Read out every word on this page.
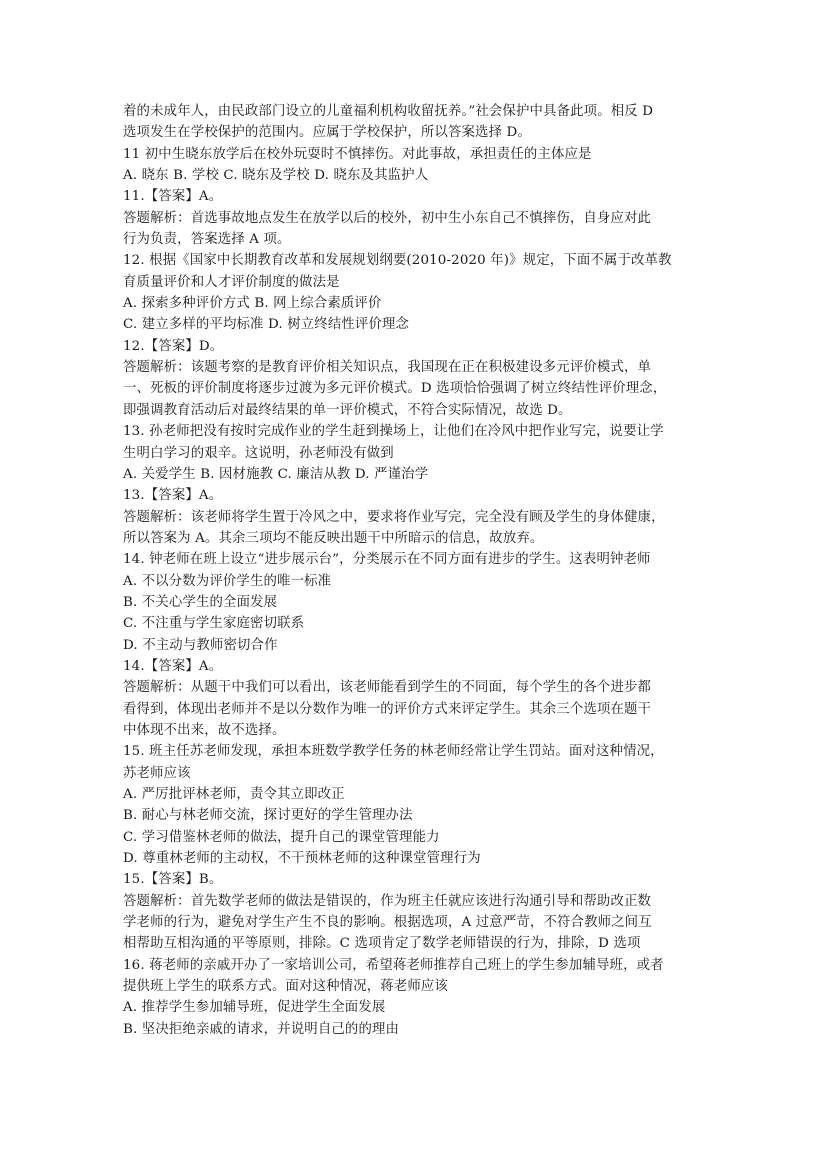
着的未成年人，由民政部门设立的儿童福利机构收留抚养。”社会保护中具备此项。相反 D
选项发生在学校保护的范围内。应属于学校保护，所以答案选择 D。
11 初中生晓东放学后在校外玩耍时不慎摔伤。对此事故，承担责任的主体应是
A. 晓东 B. 学校 C. 晓东及学校 D. 晓东及其监护人
11.【答案】A。
答题解析：首选事故地点发生在放学以后的校外，初中生小东自己不慎摔伤，自身应对此
行为负责，答案选择 A 项。
12. 根据《国家中长期教育改革和发展规划纲要(2010-2020 年)》规定，下面不属于改革教
育质量评价和人才评价制度的做法是
A. 探索多种评价方式 B. 网上综合素质评价
C. 建立多样的平均标准 D. 树立终结性评价理念
12.【答案】D。
答题解析：该题考察的是教育评价相关知识点，我国现在正在积极建设多元评价模式，单
一、死板的评价制度将逐步过渡为多元评价模式。D 选项恰恰强调了树立终结性评价理念，
即强调教育活动后对最终结果的单一评价模式，不符合实际情况，故选 D。
13. 孙老师把没有按时完成作业的学生赶到操场上，让他们在冷风中把作业写完，说要让学
生明白学习的艰辛。这说明，孙老师没有做到
A. 关爱学生 B. 因材施教 C. 廉洁从教 D. 严谨治学
13.【答案】A。
答题解析：该老师将学生置于冷风之中，要求将作业写完，完全没有顾及学生的身体健康，
所以答案为 A。其余三项均不能反映出题干中所暗示的信息，故放弃。
14. 钟老师在班上设立“进步展示台”，分类展示在不同方面有进步的学生。这表明钟老师
A. 不以分数为评价学生的唯一标准
B. 不关心学生的全面发展
C. 不注重与学生家庭密切联系
D. 不主动与教师密切合作
14.【答案】A。
答题解析：从题干中我们可以看出，该老师能看到学生的不同面，每个学生的各个进步都
看得到，体现出老师并不是以分数作为唯一的评价方式来评定学生。其余三个选项在题干
中体现不出来，故不选择。
15. 班主任苏老师发现，承担本班数学教学任务的林老师经常让学生罚站。面对这种情况，
苏老师应该
A. 严厉批评林老师，责令其立即改正
B. 耐心与林老师交流，探讨更好的学生管理办法
C. 学习借鉴林老师的做法，提升自己的课堂管理能力
D. 尊重林老师的主动权，不干预林老师的这种课堂管理行为
15.【答案】B。
答题解析：首先数学老师的做法是错误的，作为班主任就应该进行沟通引导和帮助改正数
学老师的行为，避免对学生产生不良的影响。根据选项，A 过意严苛，不符合教师之间互
相帮助互相沟通的平等原则，排除。C 选项肯定了数学老师错误的行为，排除，D 选项
16. 蒋老师的亲戚开办了一家培训公司，希望蒋老师推荐自己班上的学生参加辅导班，或者
提供班上学生的联系方式。面对这种情况，蒋老师应该
A. 推荐学生参加辅导班，促进学生全面发展
B. 坚决拒绝亲戚的请求，并说明自己的的理由
